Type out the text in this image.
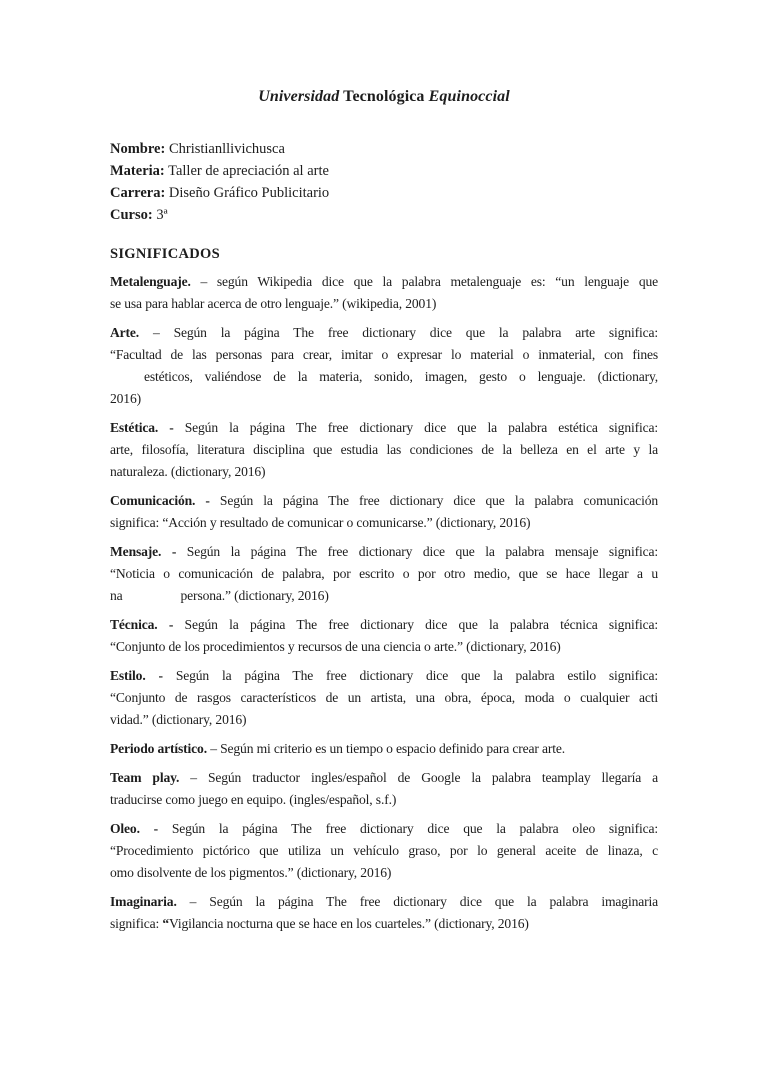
Universidad Tecnológica Equinoccial
Nombre: Christianllivichusca
Materia: Taller de apreciación al arte
Carrera: Diseño Gráfico Publicitario
Curso: 3ª
SIGNIFICADOS
Metalenguaje. – según Wikipedia dice que la palabra metalenguaje es: “un lenguaje que
se usa para hablar acerca de otro lenguaje.” (wikipedia, 2001)
Arte. – Según la página The free dictionary dice que la palabra arte significa:
“Facultad de las personas para crear, imitar o expresar lo material o inmaterial, con fines
estéticos, valiéndose de la materia, sonido, imagen, gesto o lenguaje. (dictionary,
2016)
Estética. - Según la página The free dictionary dice que la palabra estética significa:
arte, filosofía, literatura disciplina que estudia las condiciones de la belleza en el arte y la
naturaleza. (dictionary, 2016)
Comunicación. - Según la página The free dictionary dice que la palabra comunicación
significa: “Acción y resultado de comunicar o comunicarse.” (dictionary, 2016)
Mensaje. - Según la página The free dictionary dice que la palabra mensaje significa:
“Noticia o comunicación de palabra, por escrito o por otro medio, que se hace llegar a u
na	persona.” (dictionary, 2016)
Técnica. - Según la página The free dictionary dice que la palabra técnica significa:
“Conjunto de los procedimientos y recursos de una ciencia o arte.” (dictionary, 2016)
Estilo. - Según la página The free dictionary dice que la palabra estilo significa:
“Conjunto de rasgos característicos de un artista, una obra, época, moda o cualquier acti
vidad.” (dictionary, 2016)
Periodo artístico. – Según mi criterio es un tiempo o espacio definido para crear arte.
Team play. – Según traductor ingles/español de Google la palabra teamplay llegaría a
traducirse como juego en equipo. (ingles/español, s.f.)
Oleo. - Según la página The free dictionary dice que la palabra oleo significa:
“Procedimiento pictórico que utiliza un vehículo graso, por lo general aceite de linaza, c
omo disolvente de los pigmentos.” (dictionary, 2016)
Imaginaria. – Según la página The free dictionary dice que la palabra imaginaria
significa: “Vigilancia nocturna que se hace en los cuarteles.” (dictionary, 2016)
